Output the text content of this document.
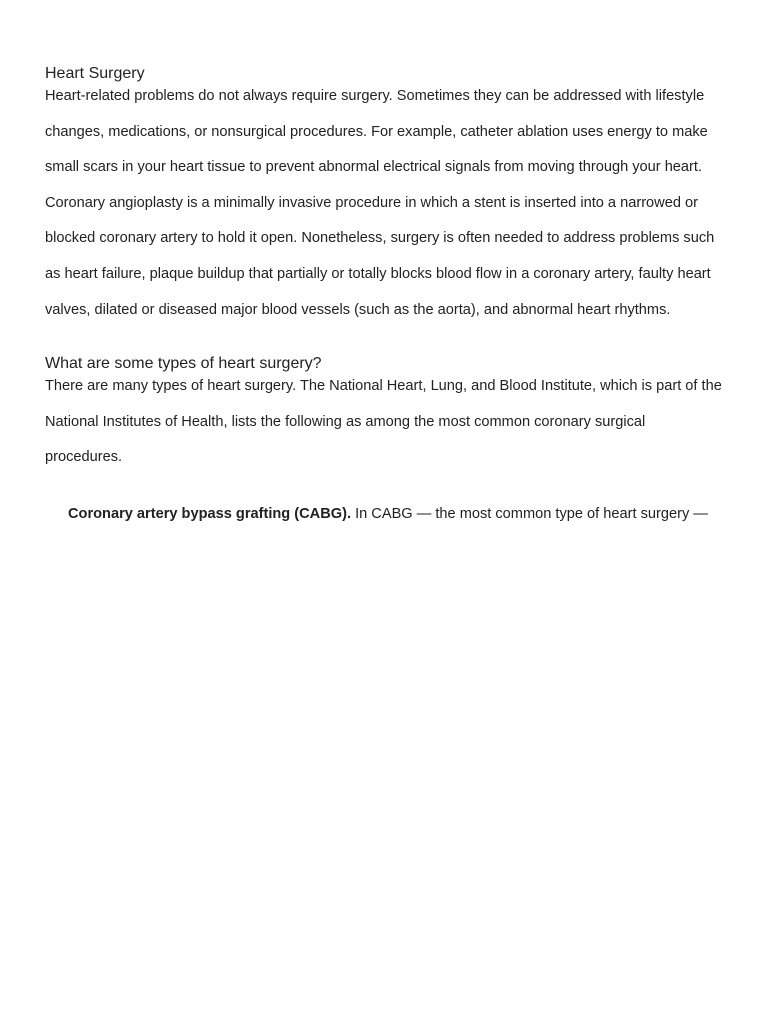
Heart Surgery

Heart-related problems do not always require surgery. Sometimes they can be addressed with lifestyle changes, medications, or nonsurgical procedures. For example, catheter ablation uses energy to make small scars in your heart tissue to prevent abnormal electrical signals from moving through your heart. Coronary angioplasty is a minimally invasive procedure in which a stent is inserted into a narrowed or blocked coronary artery to hold it open. Nonetheless, surgery is often needed to address problems such as heart failure, plaque buildup that partially or totally blocks blood flow in a coronary artery, faulty heart valves, dilated or diseased major blood vessels (such as the aorta), and abnormal heart rhythms.

What are some types of heart surgery?

There are many types of heart surgery. The National Heart, Lung, and Blood Institute, which is part of the National Institutes of Health, lists the following as among the most common coronary surgical procedures.

Coronary artery bypass grafting (CABG). In CABG — the most common type of heart surgery —
